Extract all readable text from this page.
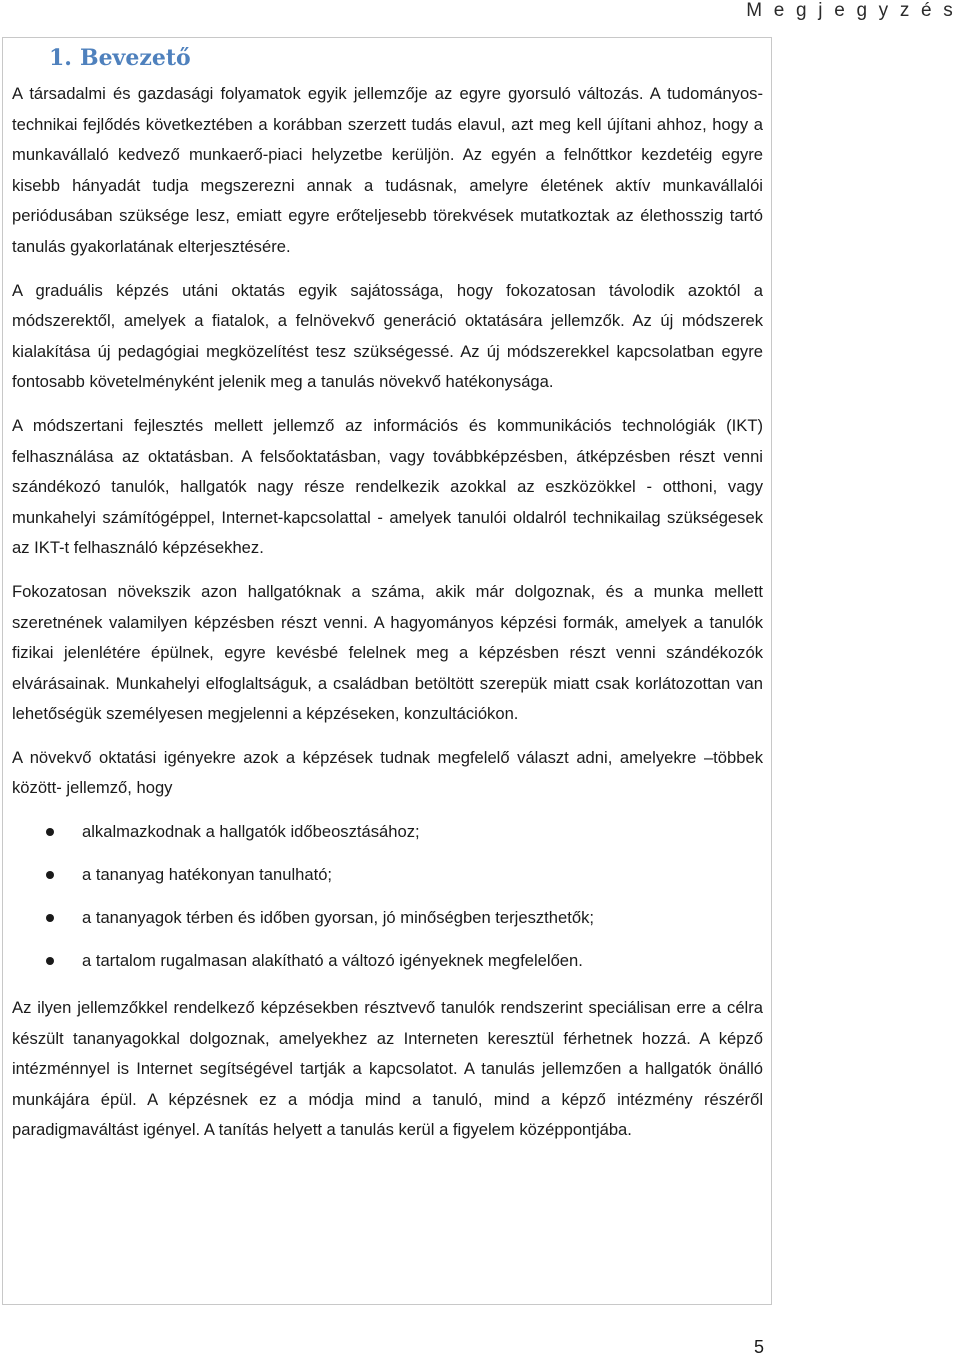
M e g j e g y z é s
1. Bevezető

A társadalmi és gazdasági folyamatok egyik jellemzője az egyre gyorsuló változás. A tudományos-technikai fejlődés következtében a korábban szerzett tudás elavul, azt meg kell újítani ahhoz, hogy a munkavállaló kedvező munkaerő-piaci helyzetbe kerüljön. Az egyén a felnőttkor kezdetéig egyre kisebb hányadát tudja megszerezni annak a tudásnak, amelyre életének aktív munkavállalói periódusában szüksége lesz, emiatt egyre erőteljesebb törekvések mutatkoztak az élethosszig tartó tanulás gyakorlatának elterjesztésére.

A graduális képzés utáni oktatás egyik sajátossága, hogy fokozatosan távolodik azoktól a módszerektől, amelyek a fiatalok, a felnövekvő generáció oktatására jellemzők. Az új módszerek kialakítása új pedagógiai megközelítést tesz szükségessé. Az új módszerekkel kapcsolatban egyre fontosabb követelményként jelenik meg a tanulás növekvő hatékonysága.

A módszertani fejlesztés mellett jellemző az információs és kommunikációs technológiák (IKT) felhasználása az oktatásban. A felsőoktatásban, vagy továbbképzésben, átképzésben részt venni szándékozó tanulók, hallgatók nagy része rendelkezik azokkal az eszközökkel - otthoni, vagy munkahelyi számítógéppel, Internet-kapcsolattal - amelyek tanulói oldalról technikailag szükségesek az IKT-t felhasználó képzésekhez.

Fokozatosan növekszik azon hallgatóknak a száma, akik már dolgoznak, és a munka mellett szeretnének valamilyen képzésben részt venni. A hagyományos képzési formák, amelyek a tanulók fizikai jelenlétére épülnek, egyre kevésbé felelnek meg a képzésben részt venni szándékozók elvárásainak. Munkahelyi elfoglaltságuk, a családban betöltött szerepük miatt csak korlátozottan van lehetőségük személyesen megjelenni a képzéseken, konzultációkon.

A növekvő oktatási igényekre azok a képzések tudnak megfelelő választ adni, amelyekre –többek között- jellemző, hogy

alkalmazkodnak a hallgatók időbeosztásához;
a tananyag hatékonyan tanulható;
a tananyagok térben és időben gyorsan, jó minőségben terjeszthetők;
a tartalom rugalmasan alakítható a változó igényeknek megfelelően.

Az ilyen jellemzőkkel rendelkező képzésekben résztvevő tanulók rendszerint speciálisan erre a célra készült tananyagokkal dolgoznak, amelyekhez az Interneten keresztül férhetnek hozzá. A képző intézménnyel is Internet segítségével tartják a kapcsolatot. A tanulás jellemzően a hallgatók önálló munkájára épül. A képzésnek ez a módja mind a tanuló, mind a képző intézmény részéről paradigmaváltást igényel. A tanítás helyett a tanulás kerül a figyelem középpontjába.

5
